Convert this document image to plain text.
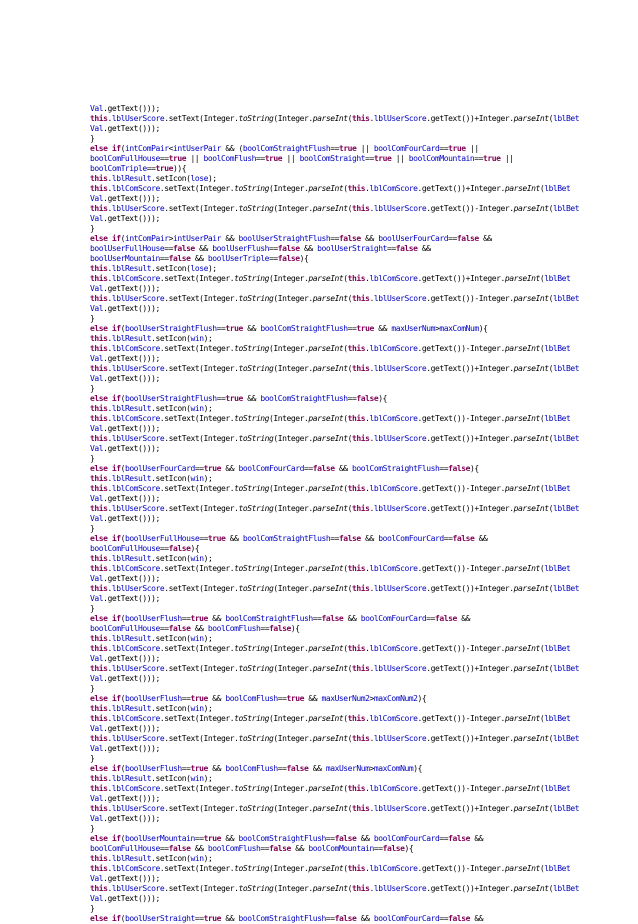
Val.getText()));
this.lblUserScore.setText(Integer.toString(Integer.parseInt(this.lblUserScore.getText())+Integer.parseInt(lblBet
Val.getText()));
}
else if(intComPair<intUserPair && (boolComStraightFlush==true || boolComFourCard==true ||
boolComFullHouse==true || boolComFlush==true || boolComStraight==true || boolComMountain==true ||
boolComTriple==true)){
this.lblResult.setIcon(lose);
this.lblComScore.setText(Integer.toString(Integer.parseInt(this.lblComScore.getText())+Integer.parseInt(lblBet
Val.getText()));
this.lblUserScore.setText(Integer.toString(Integer.parseInt(this.lblUserScore.getText())-Integer.parseInt(lblBet
Val.getText()));
}
else if(intComPair>intUserPair && boolUserStraightFlush==false && boolUserFourCard==false &&
boolUserFullHouse==false && boolUserFlush==false && boolUserStraight==false &&
boolUserMountain==false && boolUserTriple==false){
this.lblResult.setIcon(lose);
this.lblComScore.setText(Integer.toString(Integer.parseInt(this.lblComScore.getText())+Integer.parseInt(lblBet
Val.getText()));
this.lblUserScore.setText(Integer.toString(Integer.parseInt(this.lblUserScore.getText())-Integer.parseInt(lblBet
Val.getText()));
}
else if(boolUserStraightFlush==true && boolComStraightFlush==true && maxUserNum>maxComNum){
this.lblResult.setIcon(win);
this.lblComScore.setText(Integer.toString(Integer.parseInt(this.lblComScore.getText())-Integer.parseInt(lblBet
Val.getText()));
this.lblUserScore.setText(Integer.toString(Integer.parseInt(this.lblUserScore.getText())+Integer.parseInt(lblBet
Val.getText()));
}
else if(boolUserStraightFlush==true && boolComStraightFlush==false){
this.lblResult.setIcon(win);
this.lblComScore.setText(Integer.toString(Integer.parseInt(this.lblComScore.getText())-Integer.parseInt(lblBet
Val.getText()));
this.lblUserScore.setText(Integer.toString(Integer.parseInt(this.lblUserScore.getText())+Integer.parseInt(lblBet
Val.getText()));
}
else if(boolUserFourCard==true && boolComFourCard==false && boolComStraightFlush==false){
this.lblResult.setIcon(win);
this.lblComScore.setText(Integer.toString(Integer.parseInt(this.lblComScore.getText())-Integer.parseInt(lblBet
Val.getText()));
this.lblUserScore.setText(Integer.toString(Integer.parseInt(this.lblUserScore.getText())+Integer.parseInt(lblBet
Val.getText()));
}
else if(boolUserFullHouse==true && boolComStraightFlush==false && boolComFourCard==false &&
boolComFullHouse==false){
this.lblResult.setIcon(win);
this.lblComScore.setText(Integer.toString(Integer.parseInt(this.lblComScore.getText())-Integer.parseInt(lblBet
Val.getText()));
this.lblUserScore.setText(Integer.toString(Integer.parseInt(this.lblUserScore.getText())+Integer.parseInt(lblBet
Val.getText()));
}
else if(boolUserFlush==true && boolComStraightFlush==false && boolComFourCard==false &&
boolComFullHouse==false && boolComFlush==false){
this.lblResult.setIcon(win);
this.lblComScore.setText(Integer.toString(Integer.parseInt(this.lblComScore.getText())-Integer.parseInt(lblBet
Val.getText()));
this.lblUserScore.setText(Integer.toString(Integer.parseInt(this.lblUserScore.getText())+Integer.parseInt(lblBet
Val.getText()));
}
else if(boolUserFlush==true && boolComFlush==true && maxUserNum2>maxComNum2){
this.lblResult.setIcon(win);
this.lblComScore.setText(Integer.toString(Integer.parseInt(this.lblComScore.getText())-Integer.parseInt(lblBet
Val.getText()));
this.lblUserScore.setText(Integer.toString(Integer.parseInt(this.lblUserScore.getText())+Integer.parseInt(lblBet
Val.getText()));
}
else if(boolUserFlush==true && boolComFlush==false && maxUserNum>maxComNum){
this.lblResult.setIcon(win);
this.lblComScore.setText(Integer.toString(Integer.parseInt(this.lblComScore.getText())-Integer.parseInt(lblBet
Val.getText()));
this.lblUserScore.setText(Integer.toString(Integer.parseInt(this.lblUserScore.getText())+Integer.parseInt(lblBet
Val.getText()));
}
else if(boolUserMountain==true && boolComStraightFlush==false && boolComFourCard==false &&
boolComFullHouse==false && boolComFlush==false && boolComMountain==false){
this.lblResult.setIcon(win);
this.lblComScore.setText(Integer.toString(Integer.parseInt(this.lblComScore.getText())-Integer.parseInt(lblBet
Val.getText()));
this.lblUserScore.setText(Integer.toString(Integer.parseInt(this.lblUserScore.getText())+Integer.parseInt(lblBet
Val.getText()));
}
else if(boolUserStraight==true && boolComStraightFlush==false && boolComFourCard==false &&
